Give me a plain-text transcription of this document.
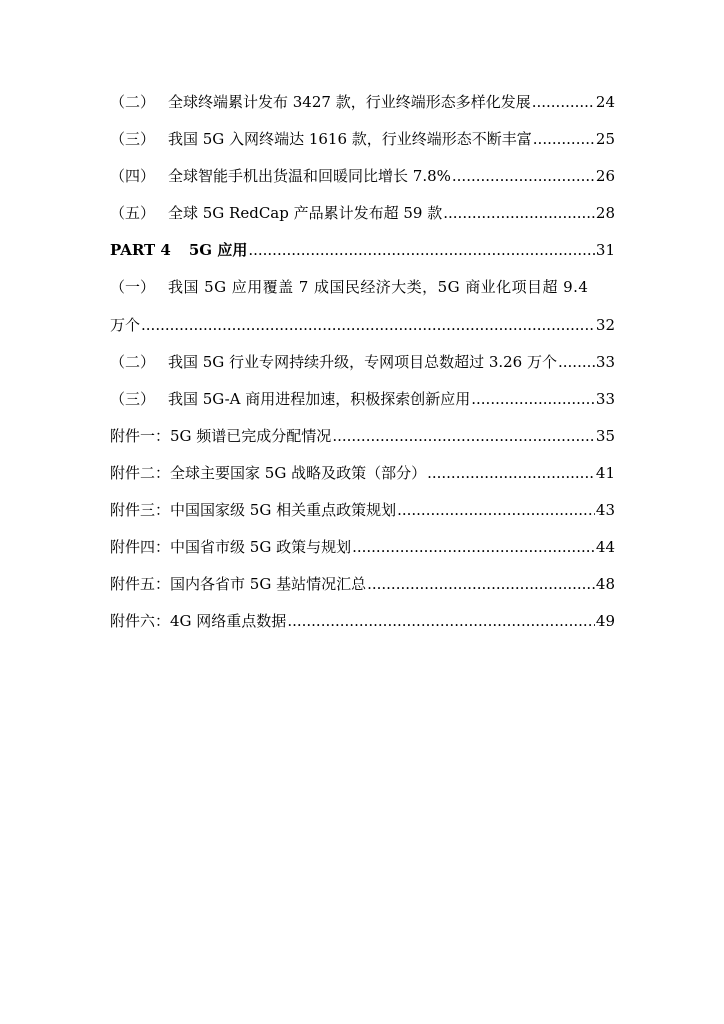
（二） 全球终端累计发布 3427 款，行业终端形态多样化发展 .....	24
（三） 我国 5G 入网终端达 1616 款，行业终端形态不断丰富 .....	25
（四） 全球智能手机出货温和回暖同比增长 7.8% .....	26
（五） 全球 5G RedCap 产品累计发布超 59 款 .....	28
PART 4 5G 应用 .....	31
（一） 我国 5G 应用覆盖 7 成国民经济大类，5G 商业化项目超 9.4
万个 .....	32
（二） 我国 5G 行业专网持续升级，专网项目总数超过 3.26 万个 .....	33
（三） 我国 5G-A 商用进程加速，积极探索创新应用 .....	33
附件一： 5G 频谱已完成分配情况 .....	35
附件二： 全球主要国家 5G 战略及政策（部分） .....	41
附件三： 中国国家级 5G 相关重点政策规划 .....	43
附件四： 中国省市级 5G 政策与规划 .....	44
附件五： 国内各省市 5G 基站情况汇总 .....	48
附件六： 4G 网络重点数据 .....	49
